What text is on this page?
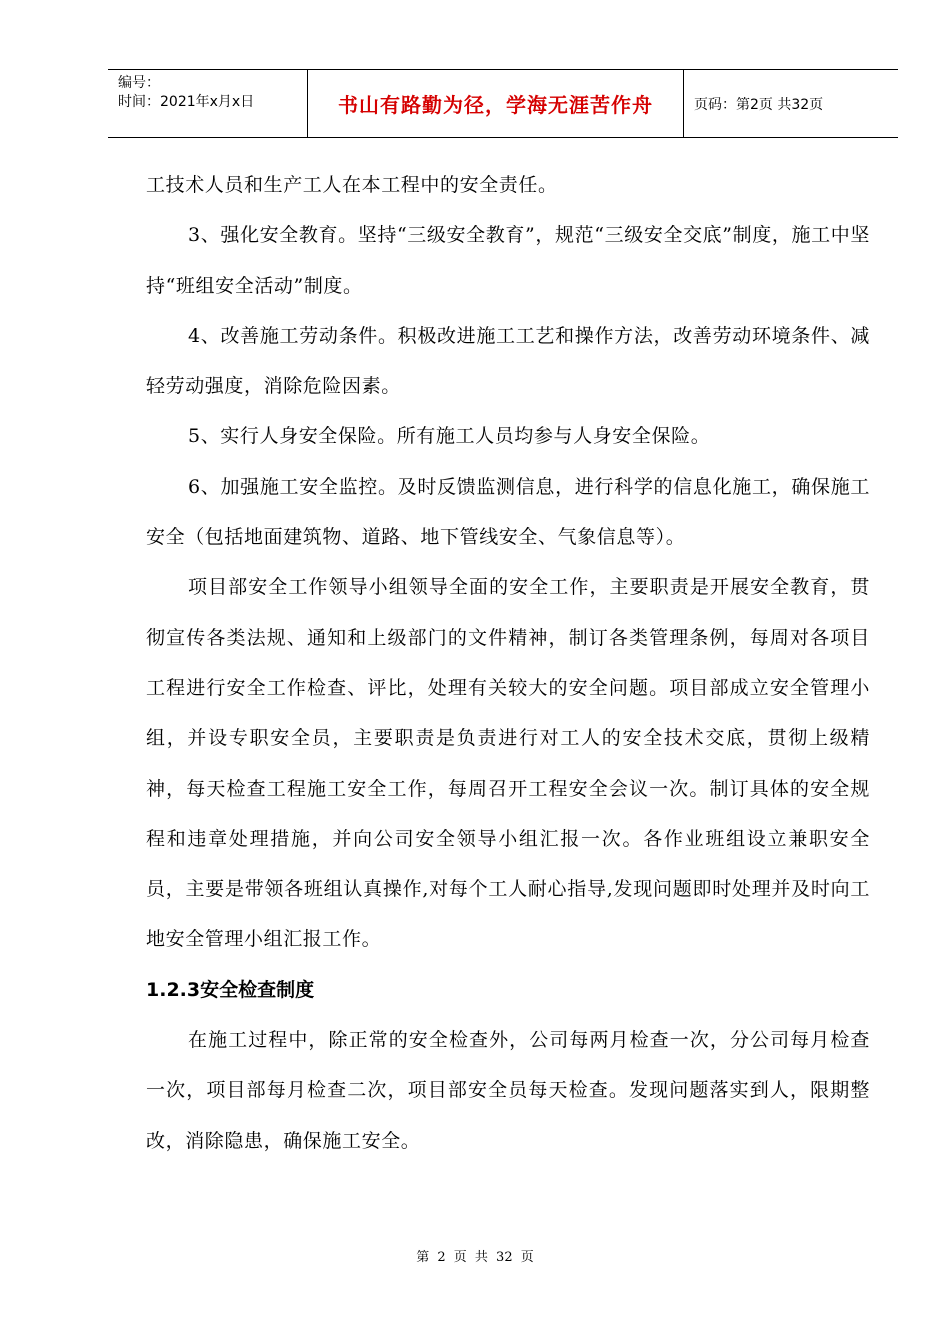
编号：
时间：2021年x月x日	书山有路勤为径，学海无涯苦作舟	页码：第2页 共32页

工技术人员和生产工人在本工程中的安全责任。

3、强化安全教育。坚持“三级安全教育”，规范“三级安全交底”制度，施工中坚持“班组安全活动”制度。

4、改善施工劳动条件。积极改进施工工艺和操作方法，改善劳动环境条件、减轻劳动强度，消除危险因素。

5、实行人身安全保险。所有施工人员均参与人身安全保险。

6、加强施工安全监控。及时反馈监测信息，进行科学的信息化施工，确保施工安全（包括地面建筑物、道路、地下管线安全、气象信息等）。

项目部安全工作领导小组领导全面的安全工作，主要职责是开展安全教育，贯彻宣传各类法规、通知和上级部门的文件精神，制订各类管理条例，每周对各项目工程进行安全工作检查、评比，处理有关较大的安全问题。项目部成立安全管理小组，并设专职安全员，主要职责是负责进行对工人的安全技术交底，贯彻上级精神，每天检查工程施工安全工作，每周召开工程安全会议一次。制订具体的安全规程和违章处理措施，并向公司安全领导小组汇报一次。各作业班组设立兼职安全员，主要是带领各班组认真操作,对每个工人耐心指导,发现问题即时处理并及时向工地安全管理小组汇报工作。

1.2.3安全检查制度

在施工过程中，除正常的安全检查外，公司每两月检查一次，分公司每月检查一次，项目部每月检查二次，项目部安全员每天检查。发现问题落实到人，限期整改，消除隐患，确保施工安全。

第 2 页 共 32 页
